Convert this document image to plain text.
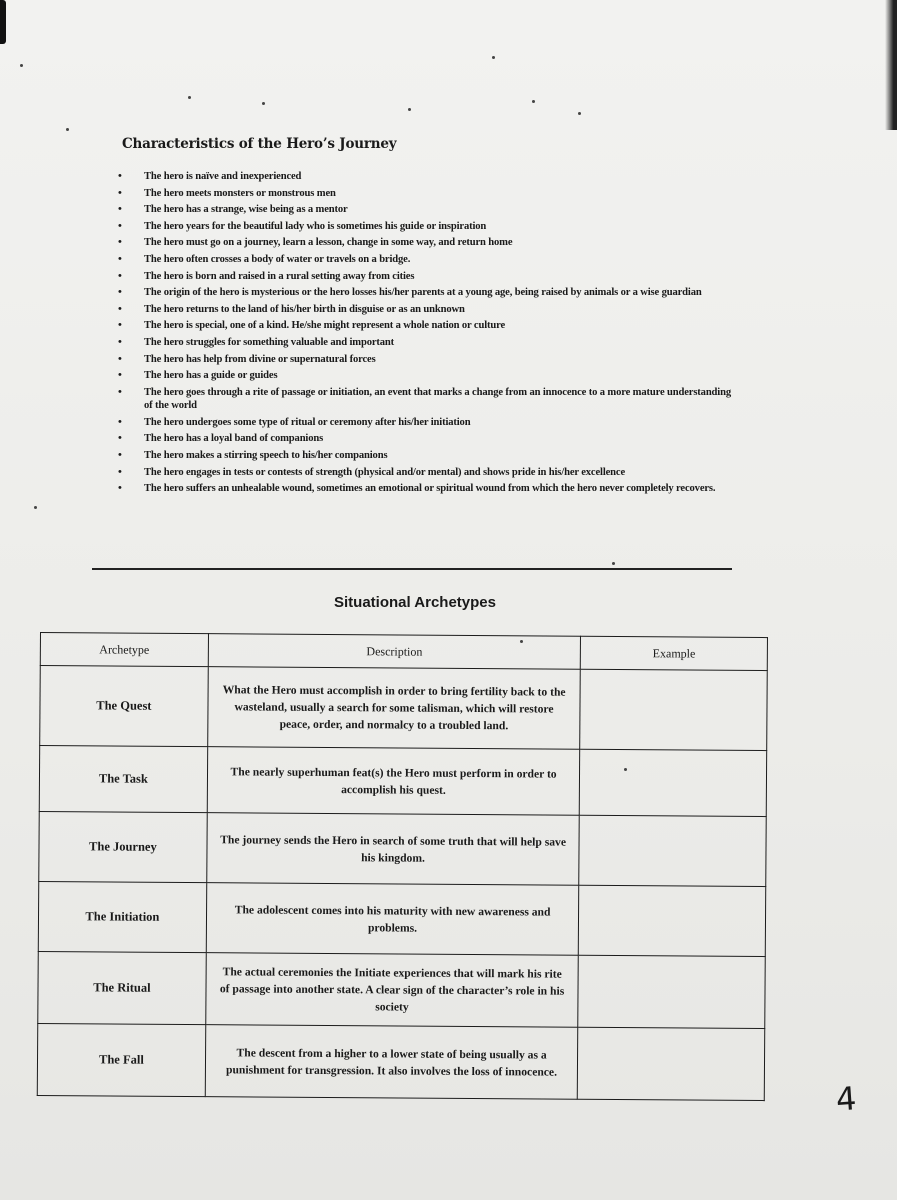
Characteristics of the Hero’s Journey
• The hero is naïve and inexperienced
• The hero meets monsters or monstrous men
• The hero has a strange, wise being as a mentor
• The hero years for the beautiful lady who is sometimes his guide or inspiration
• The hero must go on a journey, learn a lesson, change in some way, and return home
• The hero often crosses a body of water or travels on a bridge.
• The hero is born and raised in a rural setting away from cities
• The origin of the hero is mysterious or the hero losses his/her parents at a young age, being raised by animals or a wise guardian
• The hero returns to the land of his/her birth in disguise or as an unknown
• The hero is special, one of a kind. He/she might represent a whole nation or culture
• The hero struggles for something valuable and important
• The hero has help from divine or supernatural forces
• The hero has a guide or guides
• The hero goes through a rite of passage or initiation, an event that marks a change from an innocence to a more mature understanding of the world
• The hero undergoes some type of ritual or ceremony after his/her initiation
• The hero has a loyal band of companions
• The hero makes a stirring speech to his/her companions
• The hero engages in tests or contests of strength (physical and/or mental) and shows pride in his/her excellence
• The hero suffers an unhealable wound, sometimes an emotional or spiritual wound from which the hero never completely recovers.
Situational Archetypes
Archetype	Description	Example
The Quest	What the Hero must accomplish in order to bring fertility back to the wasteland, usually a search for some talisman, which will restore peace, order, and normalcy to a troubled land.	
The Task	The nearly superhuman feat(s) the Hero must perform in order to accomplish his quest.	
The Journey	The journey sends the Hero in search of some truth that will help save his kingdom.	
The Initiation	The adolescent comes into his maturity with new awareness and problems.	
The Ritual	The actual ceremonies the Initiate experiences that will mark his rite of passage into another state. A clear sign of the character’s role in his society	
The Fall	The descent from a higher to a lower state of being usually as a punishment for transgression. It also involves the loss of innocence.	
4
